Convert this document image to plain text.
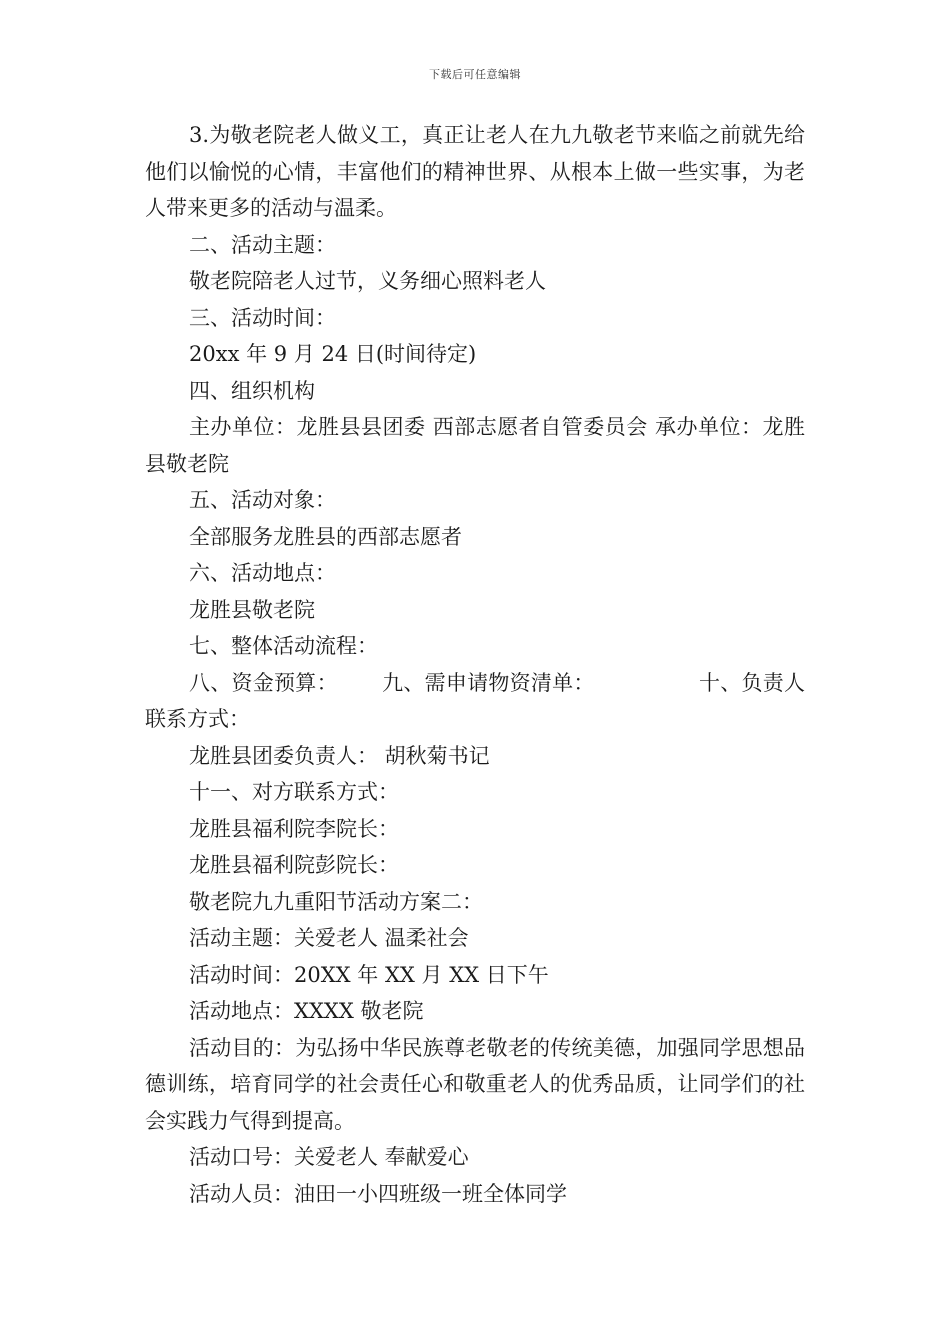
下载后可任意编辑

3.为敬老院老人做义工，真正让老人在九九敬老节来临之前就先给他们以愉悦的心情，丰富他们的精神世界、从根本上做一些实事，为老人带来更多的活动与温柔。

二、活动主题：

敬老院陪老人过节，义务细心照料老人

三、活动时间：

20xx 年 9 月 24 日(时间待定)

四、组织机构

主办单位：龙胜县县团委 西部志愿者自管委员会 承办单位：龙胜县敬老院

五、活动对象：

全部服务龙胜县的西部志愿者

六、活动地点：

龙胜县敬老院

七、整体活动流程：

八、资金预算： 九、需申请物资清单：	十、负责人联系方式：

龙胜县团委负责人： 胡秋菊书记

十一、对方联系方式：

龙胜县福利院李院长：

龙胜县福利院彭院长：

敬老院九九重阳节活动方案二：

活动主题：关爱老人 温柔社会

活动时间：20XX 年 XX 月 XX 日下午

活动地点：XXXX 敬老院

活动目的：为弘扬中华民族尊老敬老的传统美德，加强同学思想品德训练，培育同学的社会责任心和敬重老人的优秀品质，让同学们的社会实践力气得到提高。

活动口号：关爱老人 奉献爱心

活动人员：油田一小四班级一班全体同学
